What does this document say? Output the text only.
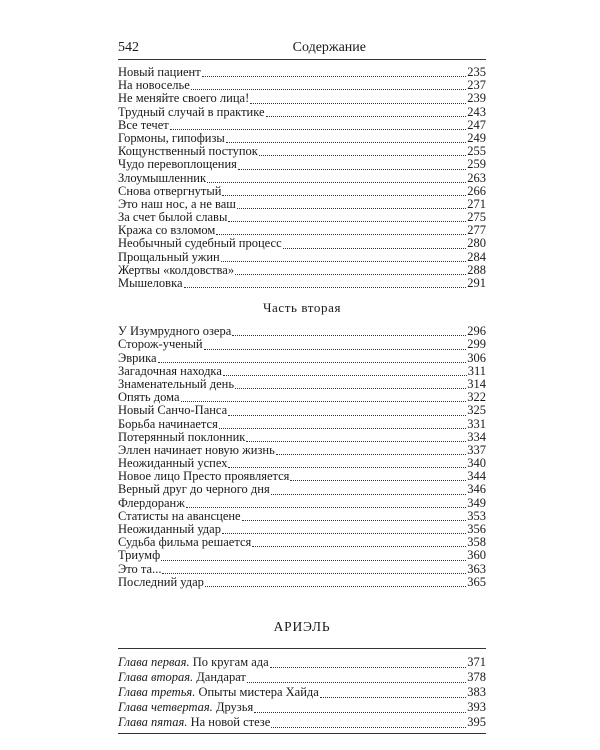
542	Содержание
Новый пациент	235
На новоселье	237
Не меняйте своего лица!	239
Трудный случай в практике	243
Все течет	247
Гормоны, гипофизы	249
Кощунственный поступок	255
Чудо перевоплощения	259
Злоумышленник	263
Снова отвергнутый	266
Это наш нос, а не ваш	271
За счет былой славы	275
Кража со взломом	277
Необычный судебный процесс	280
Прощальный ужин	284
Жертвы «колдовства»	288
Мышеловка	291
Часть вторая
У Изумрудного озера	296
Сторож-ученый	299
Эврика	306
Загадочная находка	311
Знаменательный день	314
Опять дома	322
Новый Санчо-Панса	325
Борьба начинается	331
Потерянный поклонник	334
Эллен начинает новую жизнь	337
Неожиданный успех	340
Новое лицо Престо проявляется	344
Верный друг до черного дня	346
Флердоранж	349
Статисты на авансцене	353
Неожиданный удар	356
Судьба фильма решается	358
Триумф	360
Это та...	363
Последний удар	365
АРИЭЛЬ
Глава первая. По кругам ада	371
Глава вторая. Дандарат	378
Глава третья. Опыты мистера Хайда	383
Глава четвертая. Друзья	393
Глава пятая. На новой стезе	395
